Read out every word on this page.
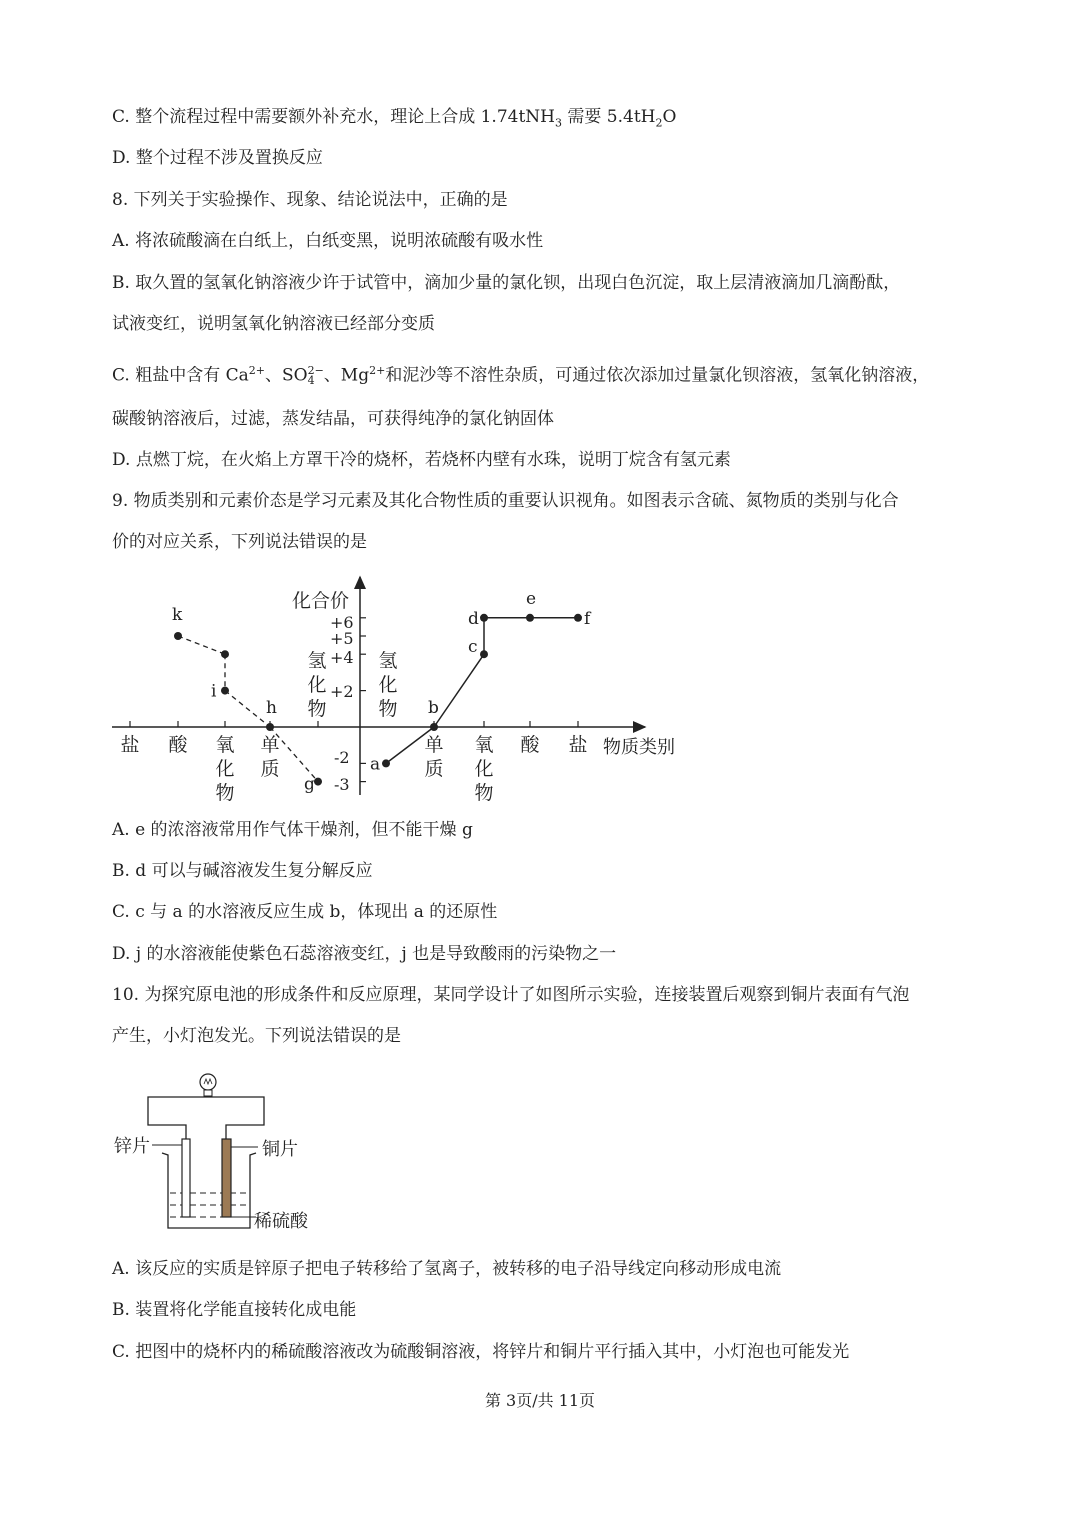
C. 整个流程过程中需要额外补充水，理论上合成 1.74tNH$_3$ 需要 $5.4tH_2O$
D. 整个过程不涉及置换反应
8. 下列关于实验操作、现象、结论说法中，正确的是
A. 将浓硫酸滴在白纸上，白纸变黑，说明浓硫酸有吸水性
B. 取久置的氢氧化钠溶液少许于试管中，滴加少量的氯化钡，出现白色沉淀，取上层清液滴加几滴酚酞，
试液变红，说明氢氧化钠溶液已经部分变质
C. 粗盐中含有 $Ca^{2+}$、SO 2−
4 、$Mg^{2+}$和泥沙等不溶性杂质，可通过依次添加过量氯化钡溶液，氢氧化钠溶液，
碳酸钠溶液后，过滤，蒸发结晶，可获得纯净的氯化钠固体
D. 点燃丁烷，在火焰上方罩干冷的烧杯，若烧杯内壁有水珠，说明丁烷含有氢元素
9. 物质类别和元素价态是学习元素及其化合物性质的重要认识视角。如图表示含硫、氮物质的类别与化合
价的对应关系，下列说法错误的是
化合价
物质类别
+6
+5
+4
+2
-2
-3
氢
化
物
氢
化
物
盐 酸 氧
化
物
单
质
单
质
氧
化
物
酸 盐
k
i
h
g
a
b
c
d
e
f
A. e 的浓溶液常用作气体干燥剂，但不能干燥 g
B. d 可以与碱溶液发生复分解反应
C. c 与 a 的水溶液反应生成 b，体现出 a 的还原性
D. j 的水溶液能使紫色石蕊溶液变红，j 也是导致酸雨的污染物之一
10. 为探究原电池的形成条件和反应原理，某同学设计了如图所示实验，连接装置后观察到铜片表面有气泡
产生，小灯泡发光。下列说法错误的是
锌片	铜片
稀硫酸
A. 该反应的实质是锌原子把电子转移给了氢离子，被转移的电子沿导线定向移动形成电流
B. 装置将化学能直接转化成电能
C. 把图中的烧杯内的稀硫酸溶液改为硫酸铜溶液，将锌片和铜片平行插入其中，小灯泡也可能发光
第 3页/共 11页
